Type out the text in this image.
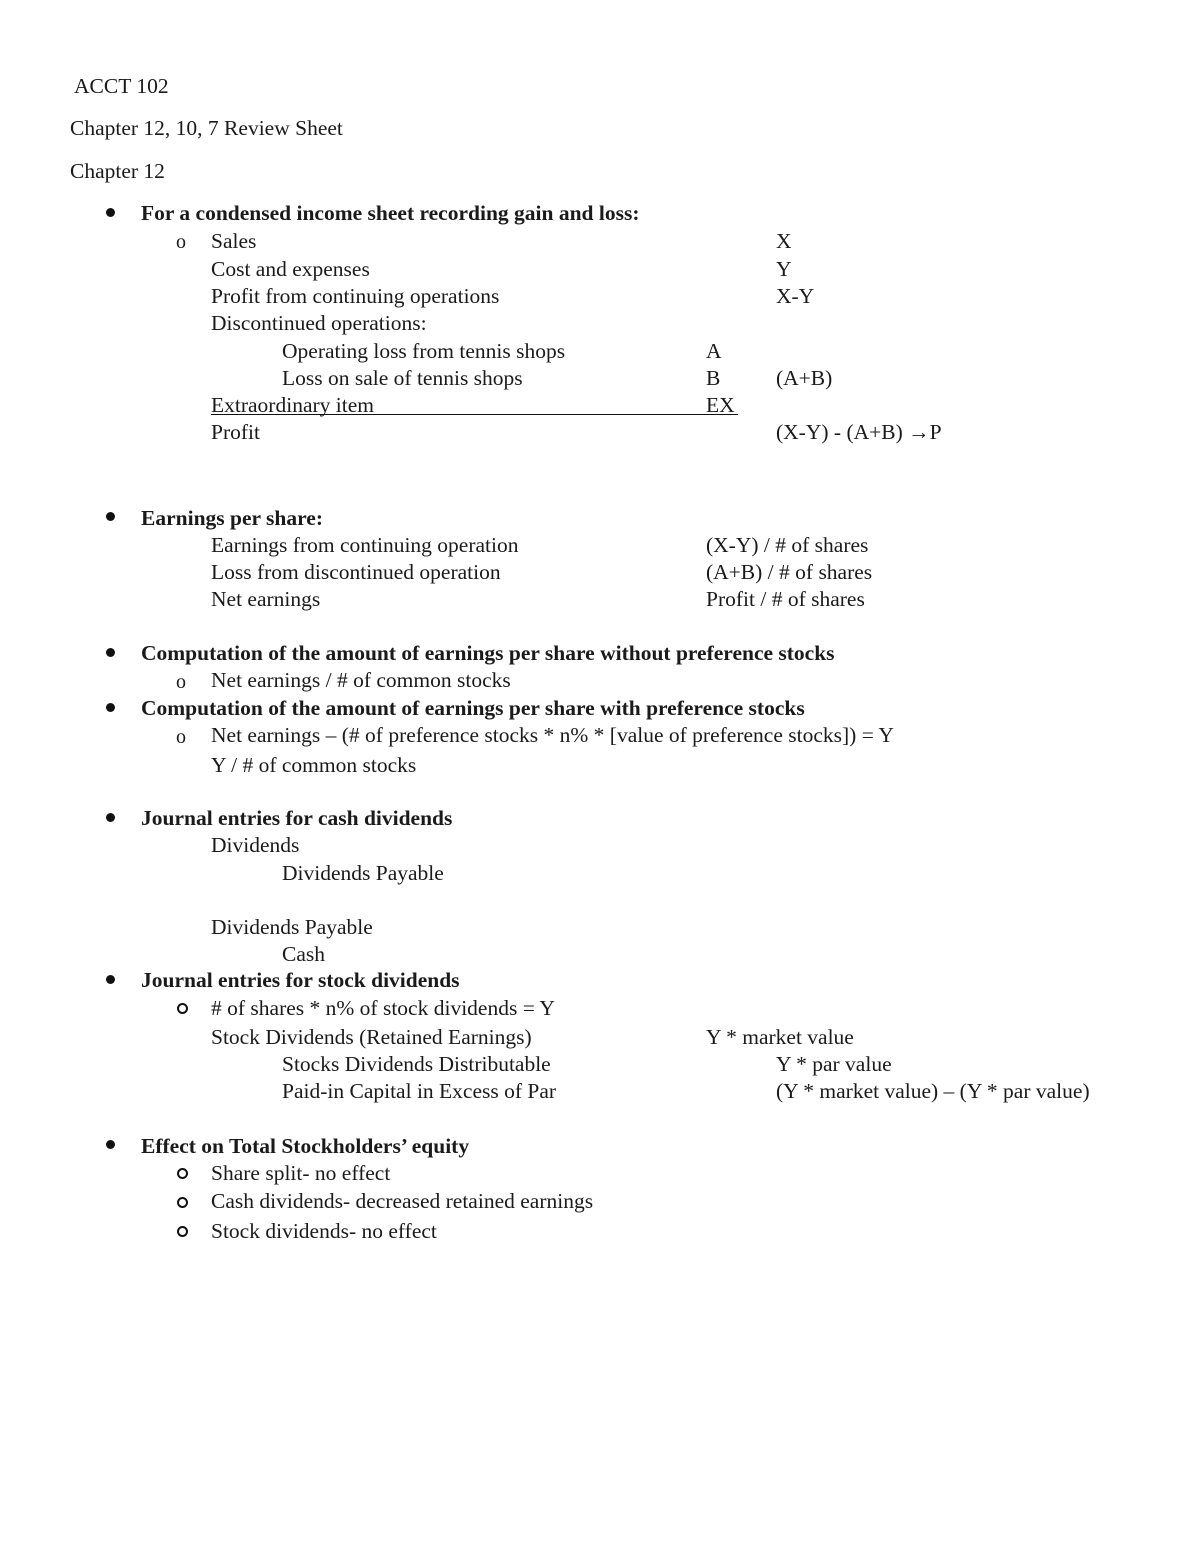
ACCT 102
Chapter 12, 10, 7 Review Sheet
Chapter 12
For a condensed income sheet recording gain and loss:
o Sales	X
Cost and expenses	Y
Profit from continuing operations	X-Y
Discontinued operations:
Operating loss from tennis shops	A
Loss on sale of tennis shops	B	(A+B)
Extraordinary item	EX
Profit	(X-Y) - (A+B) →P
Earnings per share:
Earnings from continuing operation	(X-Y) / # of shares
Loss from discontinued operation	(A+B) / # of shares
Net earnings	Profit / # of shares
Computation of the amount of earnings per share without preference stocks
o Net earnings / # of common stocks
Computation of the amount of earnings per share with preference stocks
o Net earnings – (# of preference stocks * n% * [value of preference stocks]) = Y
Y / # of common stocks
Journal entries for cash dividends
Dividends
Dividends Payable
Dividends Payable
Cash
Journal entries for stock dividends
# of shares * n% of stock dividends = Y
Stock Dividends (Retained Earnings)	Y * market value
Stocks Dividends Distributable	Y * par value
Paid-in Capital in Excess of Par	(Y * market value) – (Y * par value)
Effect on Total Stockholders’ equity
Share split- no effect
Cash dividends- decreased retained earnings
Stock dividends- no effect
